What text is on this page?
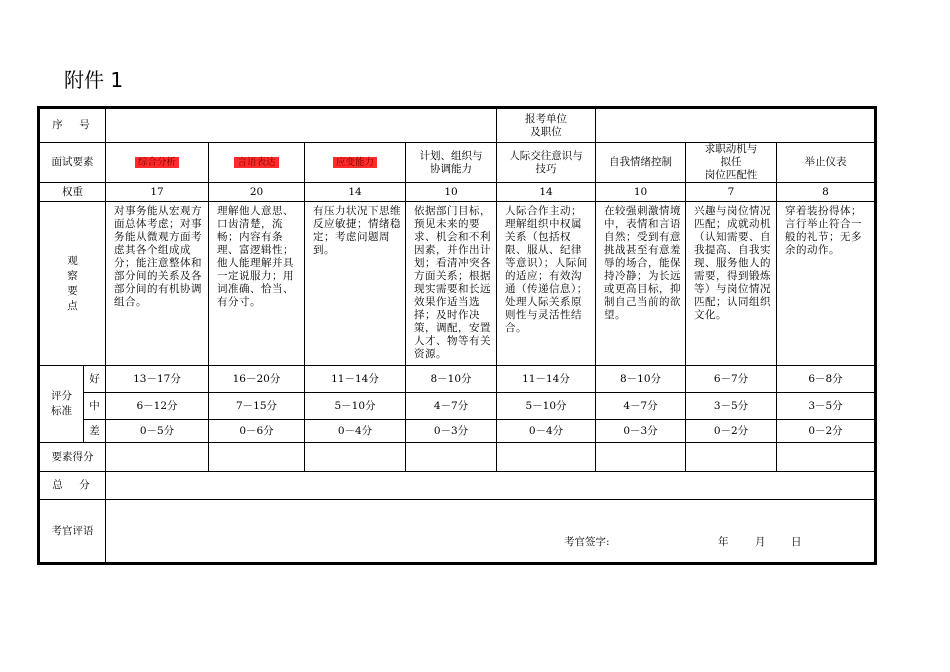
附件 1
序　号						报考单位
及职位			

面试要素		综合分析	言语表达	应变能力	计划、组织与
协调能力	人际交往意识与
技巧	自我情绪控制	求职动机与
拟任
岗位匹配性	举止仪表
权重		17	20	14	10	14	10	7	8

观
察
要
点		对事务能从宏观方面总体考虑；对事务能从微观方面考虑其各个组成成分；能注意整体和部分间的关系及各部分间的有机协调组合。	理解他人意思、口齿清楚，流畅；内容有条理、富逻辑性；他人能理解并具一定说服力；用词准确、恰当、有分寸。	有压力状况下思维反应敏捷；情绪稳定；考虑问题周到。	依据部门目标，预见未来的要求、机会和不利因素，并作出计划；看清冲突各方面关系；根据现实需要和长远效果作适当选择；及时作决策，调配，安置人才、物等有关资源。	人际合作主动；理解组织中权属关系（包括权限、服从、纪律等意识）；人际间的适应；有效沟通（传递信息）；处理人际关系原则性与灵活性结合。	在较强刺激情境中，表情和言语自然；受到有意挑战甚至有意羞辱的场合，能保持冷静；为长远或更高目标，抑制自己当前的欲望。	兴趣与岗位情况匹配；成就动机（认知需要、自我提高、自我实现、服务他人的需要，得到锻炼等）与岗位情况匹配；认同组织文化。	穿着装扮得体；言行举止符合一般的礼节；无多余的动作。

评分
标准	好	13－17分	16－20分	11－14分	8－10分	11－14分	8－10分	6－7分	6－8分
	中	6－12分	7－15分	5－10分	4－7分	5－10分	4－7分	3－5分	3－5分
	差	0－5分	0－6分	0－4分	0－3分	0－4分	0－3分	0－2分	0－2分
要素得分									
总　分									
考官评语		考官签字: 年 月 日							
